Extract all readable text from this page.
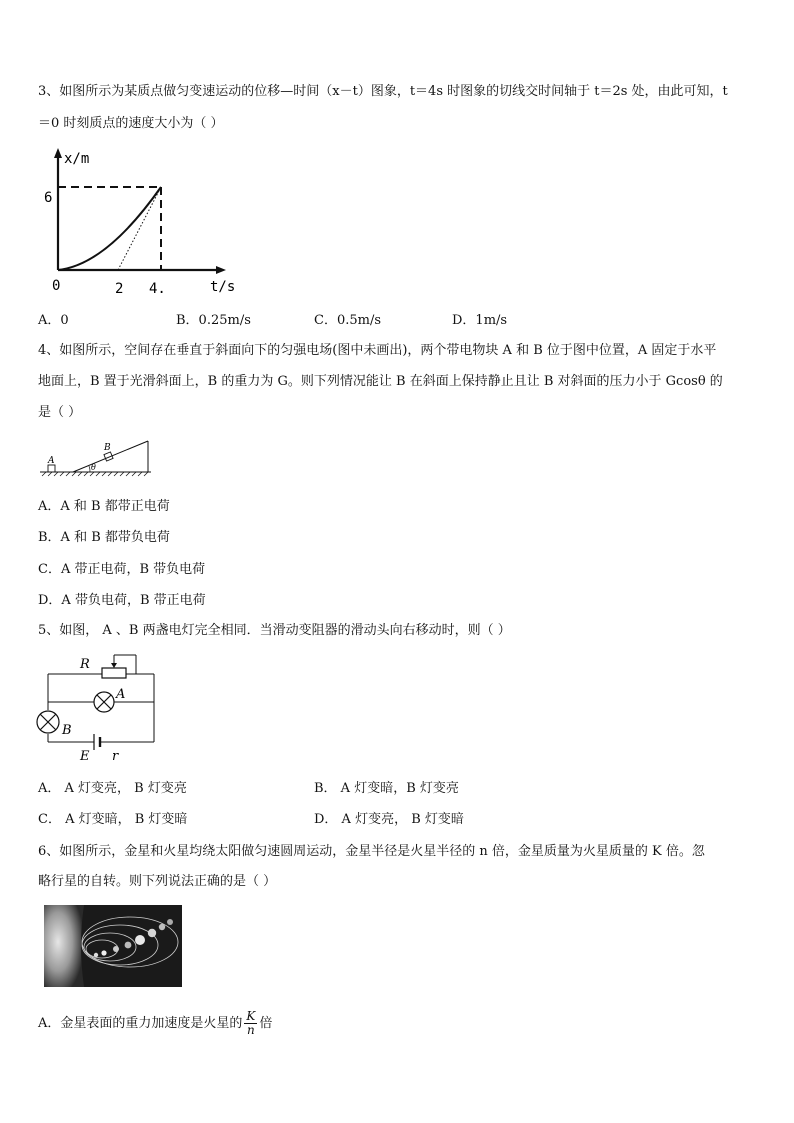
3、如图所示为某质点做匀变速运动的位移—时间（x－t）图象，t＝4s 时图象的切线交时间轴于 t＝2s 处，由此可知，t
＝0 时刻质点的速度大小为（ ）
x/m
6
0	2 4.	t/s
A．0	B．0.25m/s	C．0.5m/s	D．1m/s
4、如图所示，空间存在垂直于斜面向下的匀强电场(图中未画出)，两个带电物块 A 和 B 位于图中位置，A 固定于水平
地面上，B 置于光滑斜面上，B 的重力为 G。则下列情况能让 B 在斜面上保持静止且让 B 对斜面的压力小于 Gcosθ 的
是（ ）
A
B
θ
A．A 和 B 都带正电荷
B．A 和 B 都带负电荷
C．A 带正电荷，B 带负电荷
D．A 带负电荷，B 带正电荷
5、如图， A 、B 两盏电灯完全相同．当滑动变阻器的滑动头向右移动时，则（ ）
R
A
B
E r
A． A 灯变亮， B 灯变亮	B． A 灯变暗，B 灯变亮
C． A 灯变暗， B 灯变暗	D． A 灯变亮， B 灯变暗
6、如图所示，金星和火星均绕太阳做匀速圆周运动，金星半径是火星半径的 n 倍，金星质量为火星质量的 K 倍。忽
略行星的自转。则下列说法正确的是（ ）
A．金星表面的重力加速度是火星的 $\frac{K}{n}$ 倍
